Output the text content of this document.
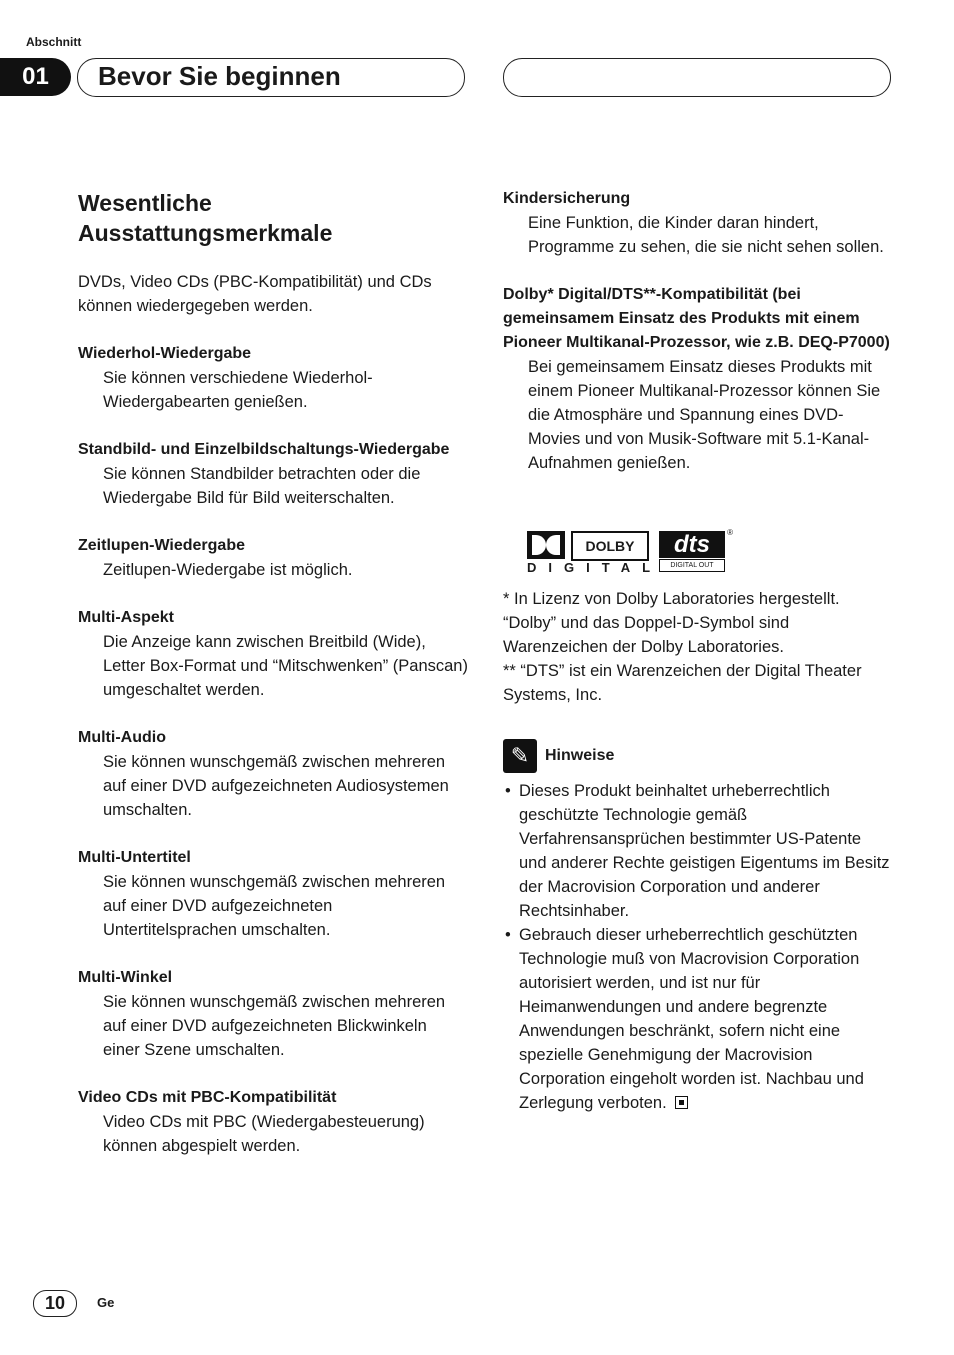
Abschnitt
01	Bevor Sie beginnen
Wesentliche Ausstattungsmerkmale

DVDs, Video CDs (PBC-Kompatibilität) und CDs können wiedergegeben werden.

Wiederhol-Wiedergabe
Sie können verschiedene Wiederhol-Wiedergabearten genießen.
Standbild- und Einzelbildschaltungs-Wiedergabe
Sie können Standbilder betrachten oder die Wiedergabe Bild für Bild weiterschalten.
Zeitlupen-Wiedergabe
Zeitlupen-Wiedergabe ist möglich.
Multi-Aspekt
Die Anzeige kann zwischen Breitbild (Wide), Letter Box-Format und “Mitschwenken” (Panscan) umgeschaltet werden.
Multi-Audio
Sie können wunschgemäß zwischen mehreren auf einer DVD aufgezeichneten Audiosystemen umschalten.
Multi-Untertitel
Sie können wunschgemäß zwischen mehreren auf einer DVD aufgezeichneten Untertitelsprachen umschalten.
Multi-Winkel
Sie können wunschgemäß zwischen mehreren auf einer DVD aufgezeichneten Blickwinkeln einer Szene umschalten.
Video CDs mit PBC-Kompatibilität
Video CDs mit PBC (Wiedergabesteuerung) können abgespielt werden.
Kindersicherung
Eine Funktion, die Kinder daran hindert, Programme zu sehen, die sie nicht sehen sollen.
Dolby* Digital/DTS**-Kompatibilität (bei gemeinsamem Einsatz des Produkts mit einem Pioneer Multikanal-Prozessor, wie z.B. DEQ-P7000)
Bei gemeinsamem Einsatz dieses Produkts mit einem Pioneer Multikanal-Prozessor können Sie die Atmosphäre und Spannung eines DVD-Movies und von Musik-Software mit 5.1-Kanal-Aufnahmen genießen.
DOLBY
DIGITAL
dts
DIGITAL OUT
®

* In Lizenz von Dolby Laboratories hergestellt. “Dolby” und das Doppel-D-Symbol sind Warenzeichen der Dolby Laboratories.

** “DTS” ist ein Warenzeichen der Digital Theater Systems, Inc.

✎ Hinweise
• Dieses Produkt beinhaltet urheberrechtlich geschützte Technologie gemäß Verfahrensansprüchen bestimmter US-Patente und anderer Rechte geistigen Eigentums im Besitz der Macrovision Corporation und anderer Rechtsinhaber.
• Gebrauch dieser urheberrechtlich geschützten Technologie muß von Macrovision Corporation autorisiert werden, und ist nur für Heimanwendungen und andere begrenzte Anwendungen beschränkt, sofern nicht eine spezielle Genehmigung der Macrovision Corporation eingeholt worden ist. Nachbau und Zerlegung verboten.
10	Ge
